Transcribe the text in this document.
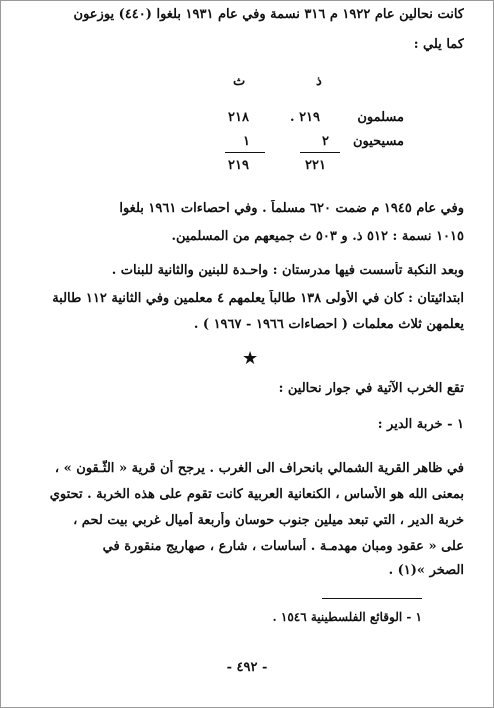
كانت نحالين عام ١٩٢٢ م ٣١٦ نسمة وفي عام ١٩٣١ بلغوا (٤٤٠) يوزعون
كما يلي :
ذ
ث
مسلمون
٢١٩ .
٢١٨
مسيحيون
٢
١
٢٢١
٢١٩
وفي عام ١٩٤٥ م ضمت ٦٢٠ مسلماً . وفي احصاءات ١٩٦١ بلغوا
١٠١٥ نسمة : ٥١٢ ذ. و ٥٠٣ ث جميعهم من المسلمين.
وبعد النكبة تأسست فيها مدرستان : واحـدة للبنين والثانية للبنات .
ابتدائيتان : كان في الأولى ١٣٨ طالباً يعلمهم ٤ معلمين وفي الثانية ١١٢ طالبة
يعلمهن ثلاث معلمات ( احصاءات ١٩٦٦ - ١٩٦٧ ) .
★
تقع الخرب الآتية في جوار نحالين :
١ - خربة الدير :
في ظاهر القرية الشمالي بانحراف الى الغرب . يرجح أن قرية « الثُّـقون » ،
بمعنى الله هو الأساس ، الكنعانية العربية كانت تقوم على هذه الخربة . تحتوي
خربة الدير ، التي تبعد ميلين جنوب حوسان وأربعة أميال غربي بيت لحم ،
على « عقود ومبان مهدمـة . أساسات ، شارع ، صهاريج منقورة في
الصخر »(١) .
١ - الوقائع الفلسطينية ١٥٤٦ .
- ٤٩٢ -
